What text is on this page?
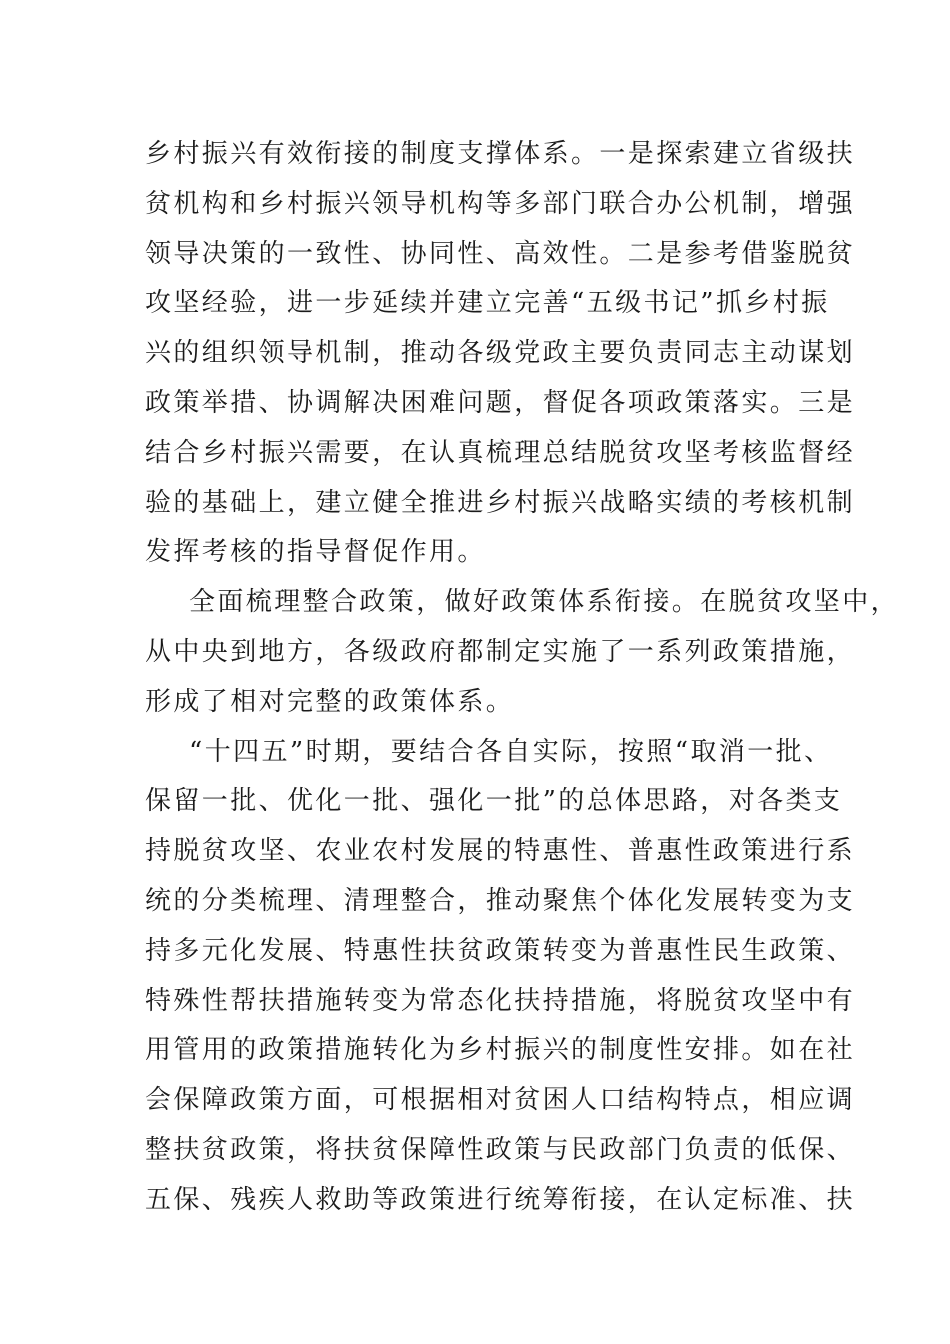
乡村振兴有效衔接的制度支撑体系。一是探索建立省级扶
贫机构和乡村振兴领导机构等多部门联合办公机制，增强
领导决策的一致性、协同性、高效性。二是参考借鉴脱贫
攻坚经验，进一步延续并建立完善“五级书记”抓乡村振
兴的组织领导机制，推动各级党政主要负责同志主动谋划
政策举措、协调解决困难问题，督促各项政策落实。三是
结合乡村振兴需要，在认真梳理总结脱贫攻坚考核监督经
验的基础上，建立健全推进乡村振兴战略实绩的考核机制
发挥考核的指导督促作用。
全面梳理整合政策，做好政策体系衔接。在脱贫攻坚中，
从中央到地方，各级政府都制定实施了一系列政策措施，
形成了相对完整的政策体系。
“十四五”时期，要结合各自实际，按照“取消一批、
保留一批、优化一批、强化一批”的总体思路，对各类支
持脱贫攻坚、农业农村发展的特惠性、普惠性政策进行系
统的分类梳理、清理整合，推动聚焦个体化发展转变为支
持多元化发展、特惠性扶贫政策转变为普惠性民生政策、
特殊性帮扶措施转变为常态化扶持措施，将脱贫攻坚中有
用管用的政策措施转化为乡村振兴的制度性安排。如在社
会保障政策方面，可根据相对贫困人口结构特点，相应调
整扶贫政策，将扶贫保障性政策与民政部门负责的低保、
五保、残疾人救助等政策进行统筹衔接，在认定标准、扶
